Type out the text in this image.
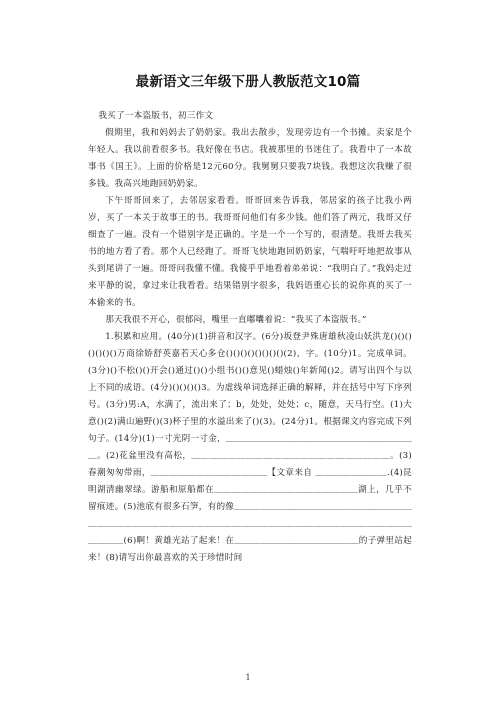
最新语文三年级下册人教版范文10篇

我买了一本盗版书，初三作文

假期里，我和妈妈去了奶奶家。我出去散步，发现旁边有一个书摊。卖家是个年轻人。我以前看很多书。我好像在书店。我被那里的书迷住了。我看中了一本故事书《国王》。上面的价格是12元60分。我舅舅只要我7块钱。我想这次我赚了很多钱。我高兴地跑回奶奶家。

下午哥哥回来了，去邻居家看看。哥哥回来告诉我，邻居家的孩子比我小两岁，买了一本关于故事王的书。我哥哥问他们有多少钱。他们答了两元，我哥又仔细查了一遍。没有一个错别字是正确的。字是一个一个写的，很清楚。我哥去我买书的地方看了看。那个人已经跑了。哥哥飞快地跑回奶奶家，气喘吁吁地把故事从头到尾讲了一遍。哥哥问我懂不懂。我傻乎乎地看着弟弟说：“我明白了。”我妈走过来平静的说，拿过来让我看看。结果错别字很多，我妈语重心长的说你真的买了一本偷来的书。

那天我很不开心，很郁闷，嘴里一直嘟囔着说：“我买了本盗版书。”

1.积累和应用。(40分)(1)拼音和汉字。(6分)坂登尹殊唐雄秋凌山妖洪龙()()()()()()()万商徐娇舒英嘉若天心多仓()()()()()()()()(2)，字。(10分)1。完成单词。(3分)()不松()()开会()通过()()小组书()()意见()蜡烛()年新闻()2。请写出四个与以上不同的成语。(4分)()()()()3。为虚线单词选择正确的解释，并在括号中写下序列号。(3分)男:A，水满了，流出来了；b，处处，处处；c，随意，天马行空。(1)大意()(2)满山遍野()(3)杯子里的水溢出来了()(3)。(24分)1。根据课文内容完成下列句子。(14分)(1)一寸光阴一寸金，＿＿＿＿＿＿＿＿＿＿＿＿＿＿＿＿＿＿＿＿＿＿。(2)花盆里没有高松，＿＿＿＿＿＿＿＿＿＿＿＿＿＿＿＿＿＿＿＿＿＿。(3)春潮匆匆带雨，＿＿＿＿＿＿＿＿＿＿＿＿＿【文章来自 ＿＿＿＿＿＿＿＿.(4)昆明湖清幽翠绿。游船和原船都在＿＿＿＿＿＿＿＿＿＿＿＿＿＿＿＿湖上，几乎不留痕迹。(5)池底有很多石笋，有的像＿＿＿＿＿＿＿＿＿＿＿＿＿＿＿＿＿＿＿＿＿＿＿＿＿＿＿＿＿＿＿＿＿＿＿＿＿＿＿＿＿＿＿＿＿＿＿＿＿＿＿＿＿＿＿＿＿＿＿＿(6)啊！黄雄光站了起来！在＿＿＿＿＿＿＿＿＿＿＿＿＿＿的子弹里站起来！(8)请写出你最喜欢的关于珍惜时间

1
